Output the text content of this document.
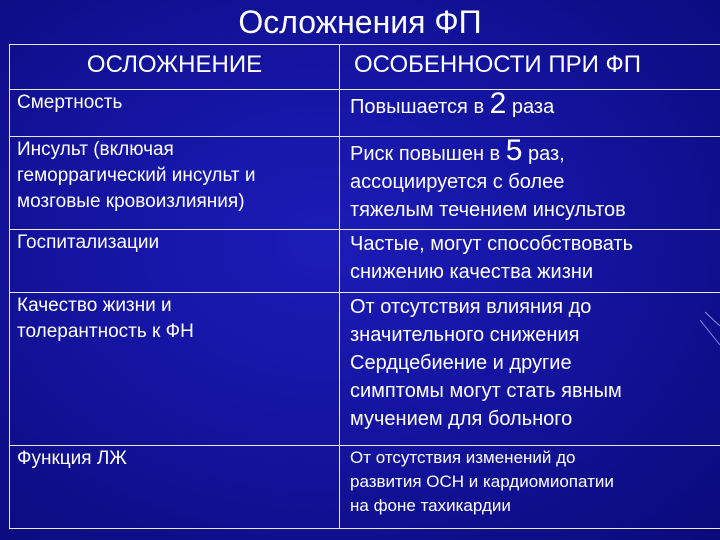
Осложнения ФП
ОСЛОЖНЕНИЕ	ОСОБЕННОСТИ ПРИ ФП
Смертность	Повышается в 2 раза

Инсульт (включая
геморрагический инсульт и
мозговые кровоизлияния)	Риск повышен в 5 раз,
ассоциируется с более
тяжелым течением инсультов

Госпитализации	Частые, могут способствовать
снижению качества жизни

Качество жизни и
толерантность к ФН	От отсутствия влияния до
значительного снижения
Сердцебиение и другие
симптомы могут стать явным
мучением для больного

Функция ЛЖ	От отсутствия изменений до
развития ОСН и кардиомиопатии
на фоне тахикардии
